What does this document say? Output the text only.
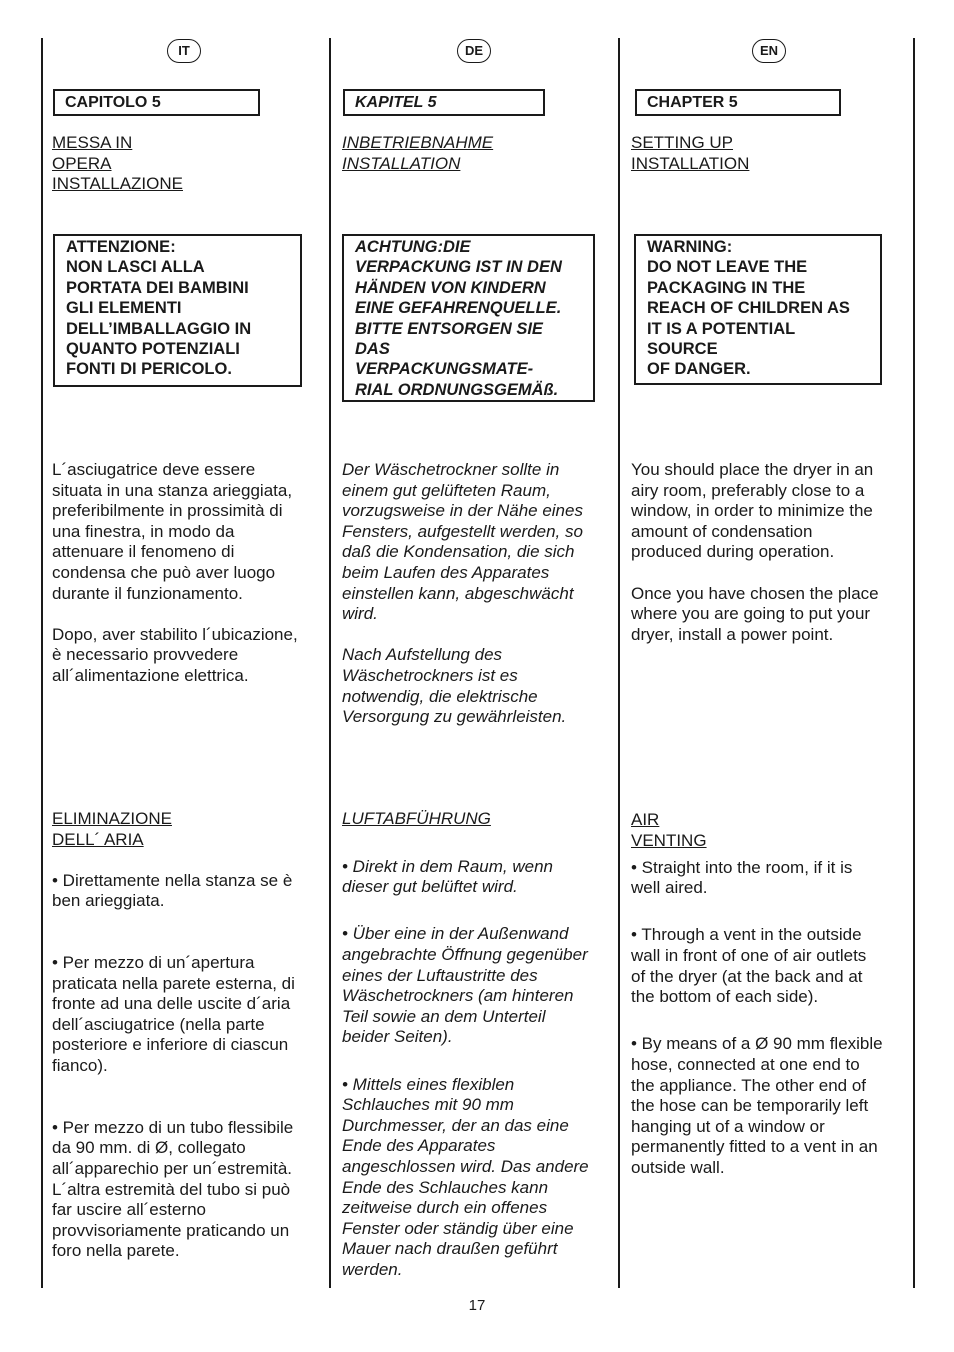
IT
CAPITOLO 5
MESSA IN OPERA
INSTALLAZIONE
ATTENZIONE:
NON LASCI ALLA
PORTATA DEI BAMBINI
GLI ELEMENTI
DELL’IMBALLAGGIO IN
QUANTO POTENZIALI
FONTI DI PERICOLO.
L´asciugatrice deve essere
situata in una stanza arieggiata,
preferibilmente in prossimità di
una finestra, in modo da
attenuare il fenomeno di
condensa che può aver luogo
durante il funzionamento.

Dopo, aver stabilito l´ubicazione,
è necessario provvedere
all´alimentazione elettrica.
ELIMINAZIONE DELL´ ARIA

• Direttamente nella stanza se è
ben arieggiata.

• Per mezzo di un´apertura
praticata nella parete esterna, di
fronte ad una delle uscite d´aria
dell´asciugatrice (nella parte
posteriore e inferiore di ciascun
fianco).

• Per mezzo di un tubo flessibile
da 90 mm. di Ø, collegato
all´apparechio per un´estremità.
L´altra estremità del tubo si può
far uscire all´esterno
provvisoriamente praticando un
foro nella parete.

DE
KAPITEL 5
INBETRIEBNAHME
INSTALLATION
ACHTUNG:DIE
VERPACKUNG IST IN DEN
HÄNDEN VON KINDERN
EINE GEFAHRENQUELLE.
BITTE ENTSORGEN SIE
DAS
VERPACKUNGSMATE-
RIAL ORDNUNGSGEMÄß.
Der Wäschetrockner sollte in
einem gut gelüfteten Raum,
vorzugsweise in der Nähe eines
Fensters, aufgestellt werden, so
daß die Kondensation, die sich
beim Laufen des Apparates
einstellen kann, abgeschwächt
wird.

Nach Aufstellung des
Wäschetrockners ist es
notwendig, die elektrische
Versorgung zu gewährleisten.
LUFTABFÜHRUNG

• Direkt in dem Raum, wenn
dieser gut belüftet wird.

• Über eine in der Außenwand
angebrachte Öffnung gegenüber
eines der Luftaustritte des
Wäschetrockners (am hinteren
Teil sowie an dem Unterteil
beider Seiten).

• Mittels eines flexiblen
Schlauches mit 90 mm
Durchmesser, der an das eine
Ende des Apparates
angeschlossen wird. Das andere
Ende des Schlauches kann
zeitweise durch ein offenes
Fenster oder ständig über eine
Mauer nach draußen geführt
werden.

EN
CHAPTER 5
SETTING UP INSTALLATION
WARNING:
DO NOT LEAVE THE
PACKAGING IN THE
REACH OF CHILDREN AS
IT IS A POTENTIAL
SOURCE
OF DANGER.
You should place the dryer in an
airy room, preferably close to a
window, in order to minimize the
amount of condensation
produced during operation.

Once you have chosen the place
where you are going to put your
dryer, install a power point.
AIR VENTING

• Straight into the room, if it is
well aired.

• Through a vent in the outside
wall in front of one of air outlets
of the dryer (at the back and at
the bottom of each side).

• By means of a Ø 90 mm flexible
hose, connected at one end to
the appliance. The other end of
the hose can be temporarily left
hanging ut of a window or
permanently fitted to a vent in an
outside wall.

17
